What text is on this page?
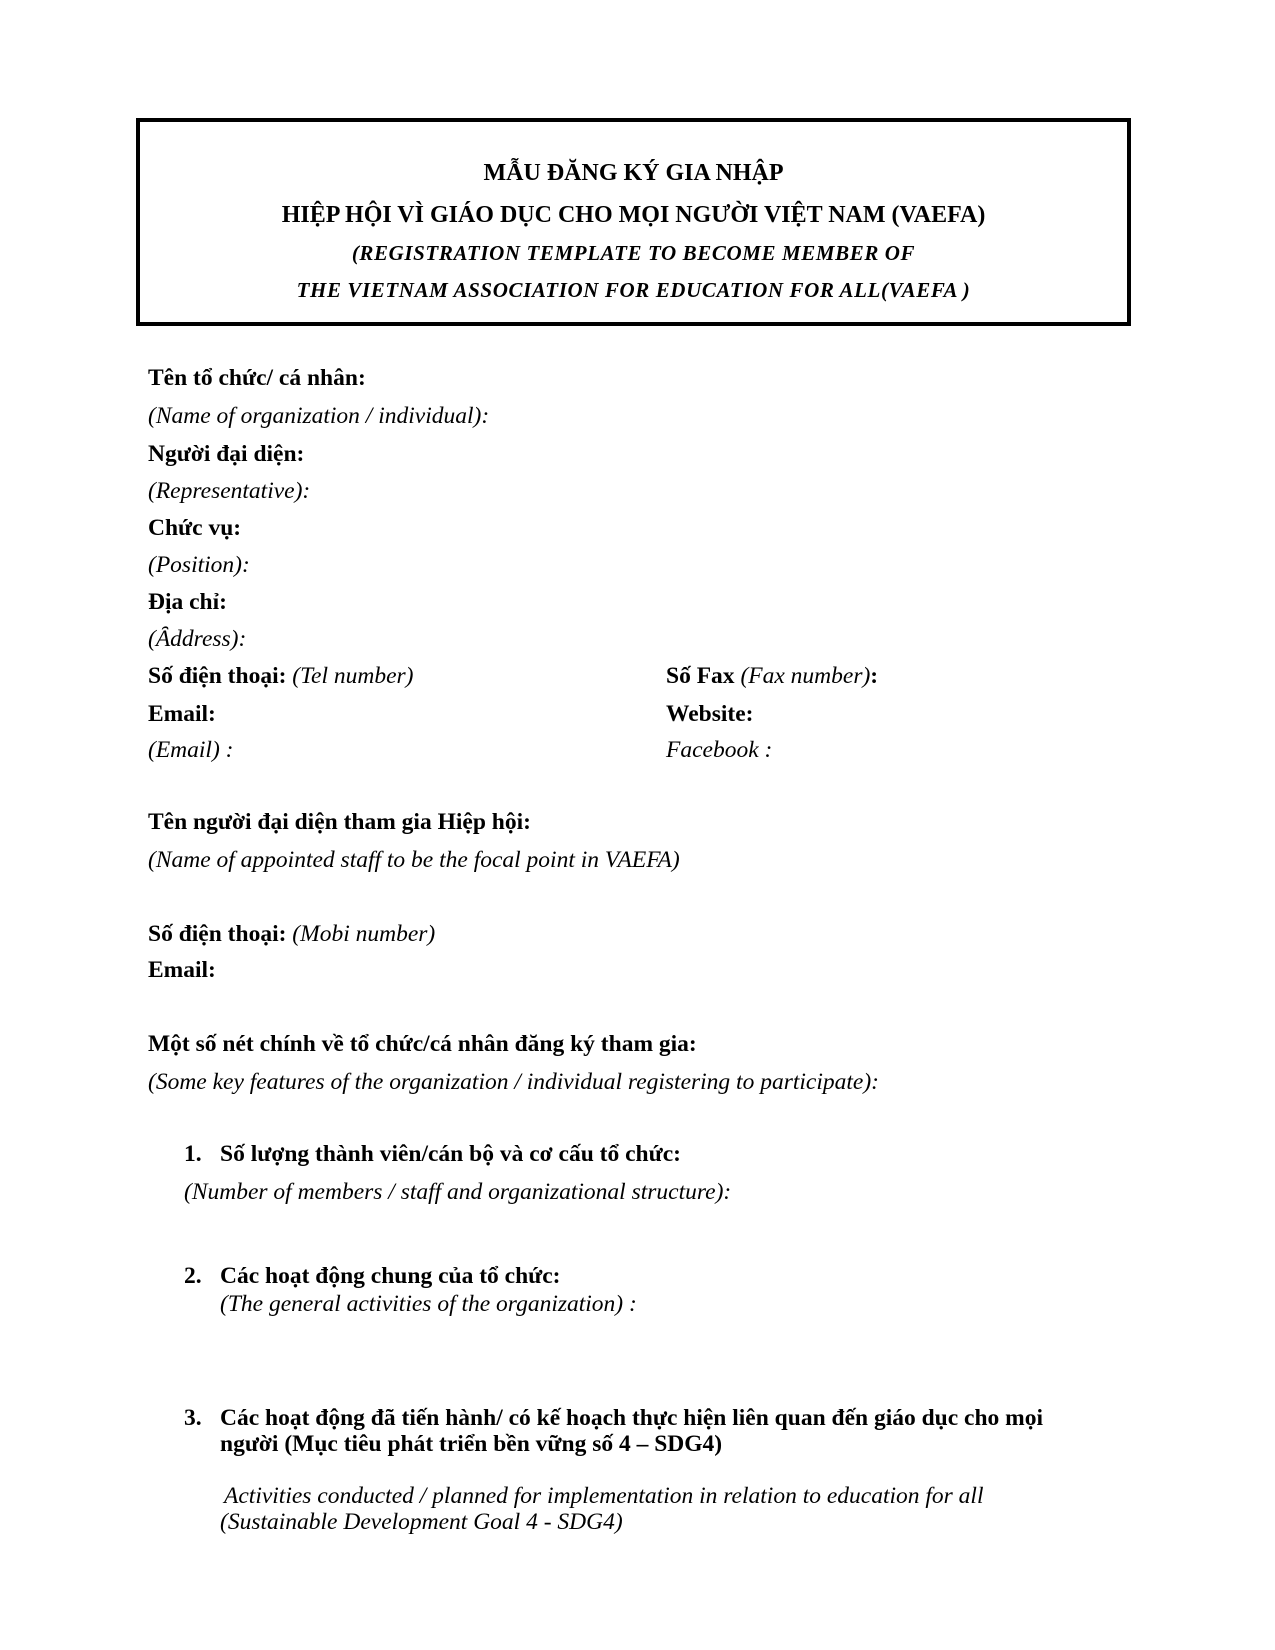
MẪU ĐĂNG KÝ GIA NHẬP
HIỆP HỘI VÌ GIÁO DỤC CHO MỌI NGƯỜI VIỆT NAM (VAEFA)
(REGISTRATION TEMPLATE TO BECOME MEMBER OF
THE VIETNAM ASSOCIATION FOR EDUCATION FOR ALL(VAEFA )
Tên tổ chức/ cá nhân:
(Name of organization / individual):
Người đại diện:
(Representative):
Chức vụ:
(Position):
Địa chỉ:
(Ȃddress):
Số điện thoại: (Tel number)	Số Fax (Fax number):
Email:	Website:
(Email) :	Facebook :
Tên người đại diện tham gia Hiệp hội:
(Name of appointed staff to be the focal point in VAEFA)
Số điện thoại: (Mobi number)
Email:
Một số nét chính về tổ chức/cá nhân đăng ký tham gia:
(Some key features of the organization / individual registering to participate):
1. Số lượng thành viên/cán bộ và cơ cấu tổ chức:
(Number of members / staff and organizational structure):
2. Các hoạt động chung của tổ chức:
(The general activities of the organization) :
3. Các hoạt động đã tiến hành/ có kế hoạch thực hiện liên quan đến giáo dục cho mọi
người (Mục tiêu phát triển bền vững số 4 – SDG4)
Activities conducted / planned for implementation in relation to education for all
(Sustainable Development Goal 4 - SDG4)
